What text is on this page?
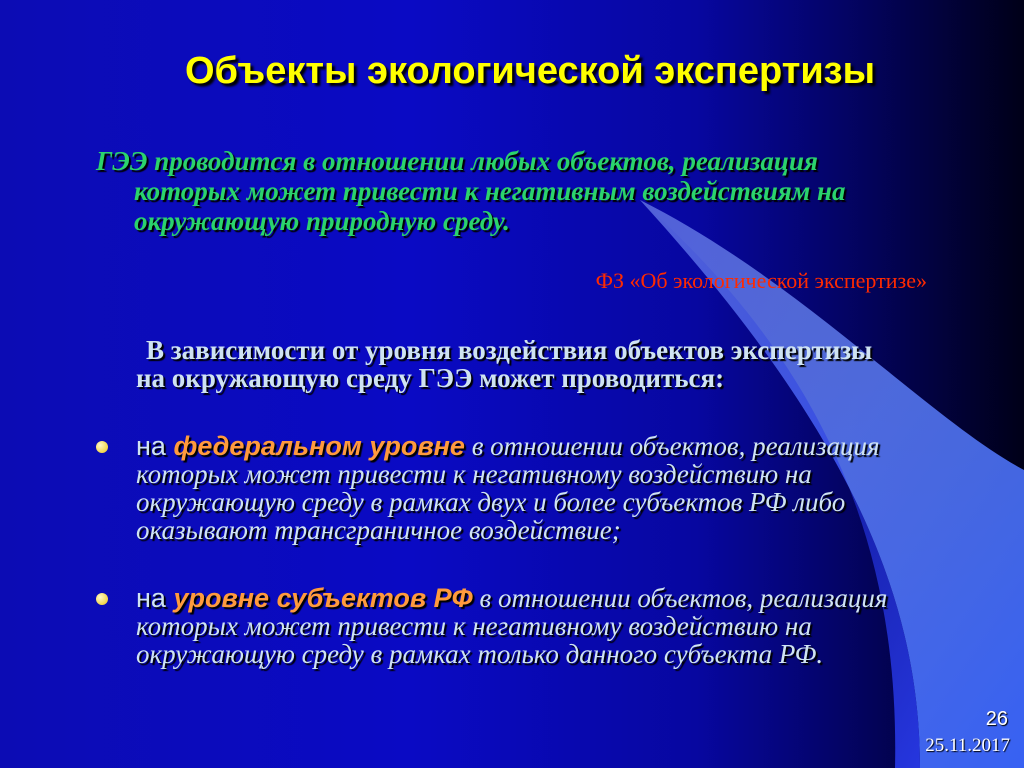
Объекты экологической экспертизы

ГЭЭ проводится в отношении любых объектов, реализация которых может привести к негативным воздействиям на окружающую природную среду.

ФЗ «Об экологической экспертизе»

В зависимости от уровня воздействия объектов экспертизы на окружающую среду ГЭЭ может проводиться:

на федеральном уровне в отношении объектов, реализация которых может привести к негативному воздействию на окружающую среду в рамках двух и более субъектов РФ либо оказывают трансграничное воздействие;
на уровне субъектов РФ в отношении объектов, реализация которых может привести к негативному воздействию на окружающую среду в рамках только данного субъекта РФ.

26

25.11.2017
